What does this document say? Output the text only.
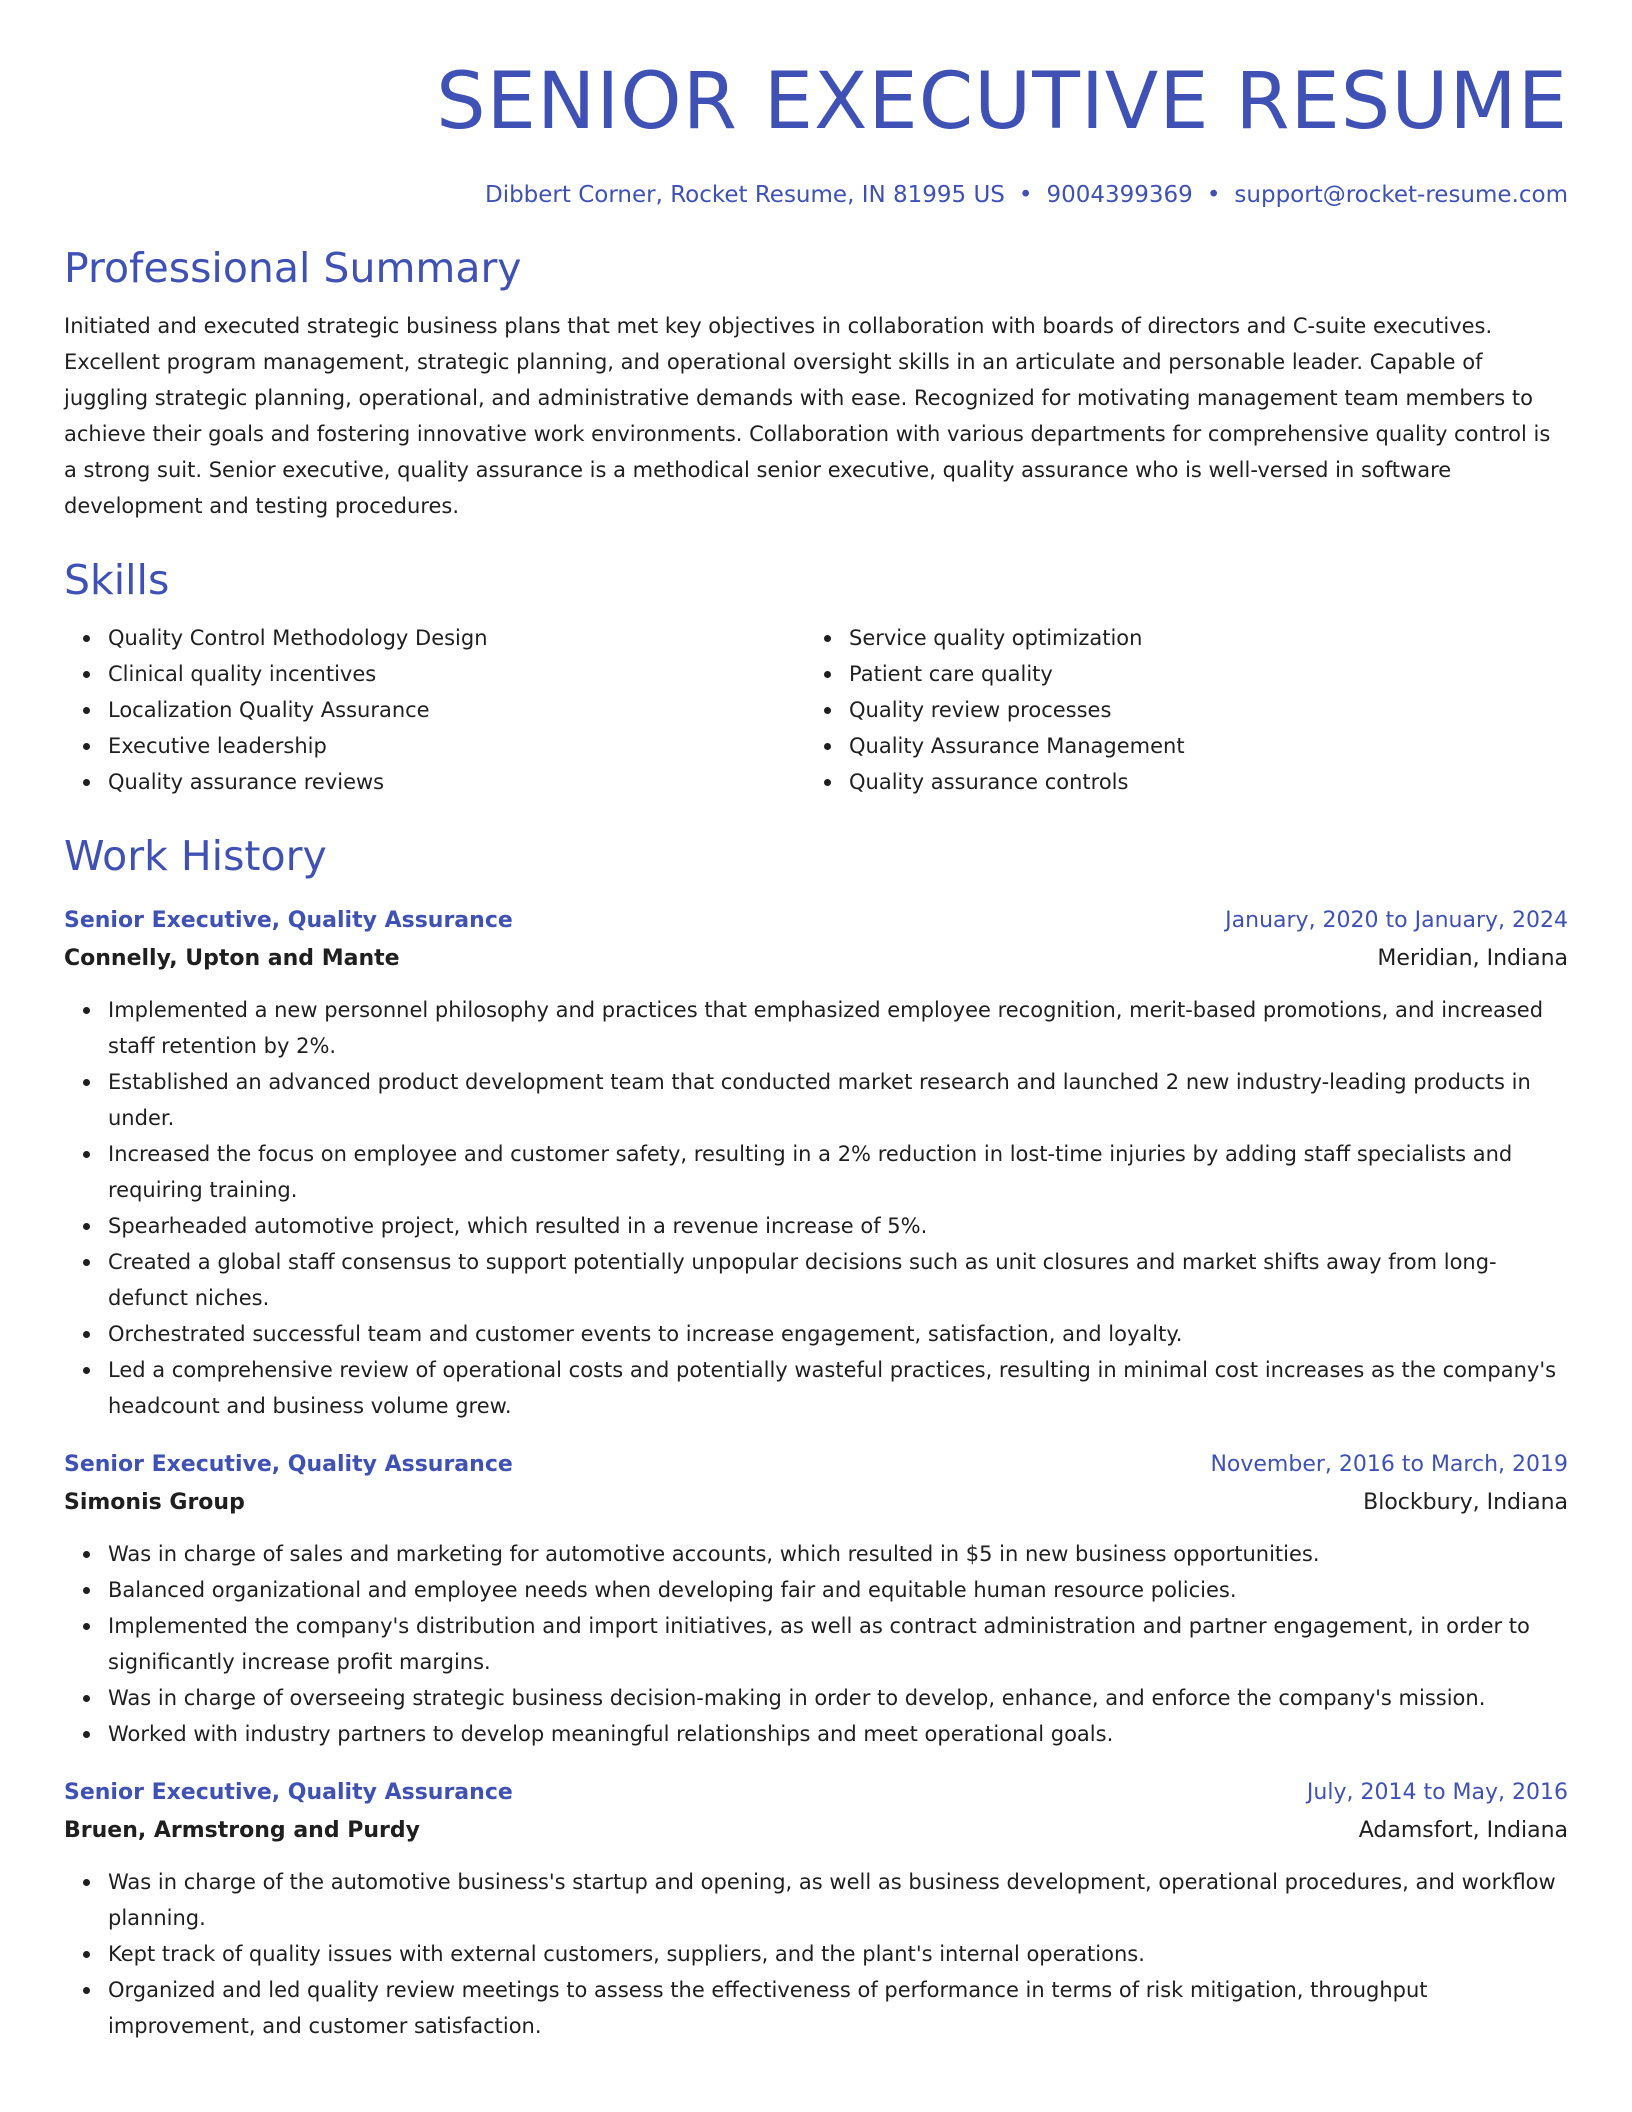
SENIOR EXECUTIVE RESUME
Dibbert Corner, Rocket Resume, IN 81995 US • 9004399369 • support@rocket-resume.com
Professional Summary
Initiated and executed strategic business plans that met key objectives in collaboration with boards of directors and C-suite executives. Excellent program management, strategic planning, and operational oversight skills in an articulate and personable leader. Capable of juggling strategic planning, operational, and administrative demands with ease. Recognized for motivating management team members to achieve their goals and fostering innovative work environments. Collaboration with various departments for comprehensive quality control is a strong suit. Senior executive, quality assurance is a methodical senior executive, quality assurance who is well-versed in software development and testing procedures.
Skills
Quality Control Methodology Design
Clinical quality incentives
Localization Quality Assurance
Executive leadership
Quality assurance reviews
Service quality optimization
Patient care quality
Quality review processes
Quality Assurance Management
Quality assurance controls
Work History
Senior Executive, Quality Assurance	January, 2020 to January, 2024
Connelly, Upton and Mante	Meridian, Indiana
Implemented a new personnel philosophy and practices that emphasized employee recognition, merit-based promotions, and increased staff retention by 2%.
Established an advanced product development team that conducted market research and launched 2 new industry-leading products in under.
Increased the focus on employee and customer safety, resulting in a 2% reduction in lost-time injuries by adding staff specialists and requiring training.
Spearheaded automotive project, which resulted in a revenue increase of 5%.
Created a global staff consensus to support potentially unpopular decisions such as unit closures and market shifts away from long-defunct niches.
Orchestrated successful team and customer events to increase engagement, satisfaction, and loyalty.
Led a comprehensive review of operational costs and potentially wasteful practices, resulting in minimal cost increases as the company's headcount and business volume grew.
Senior Executive, Quality Assurance	November, 2016 to March, 2019
Simonis Group	Blockbury, Indiana
Was in charge of sales and marketing for automotive accounts, which resulted in $5 in new business opportunities.
Balanced organizational and employee needs when developing fair and equitable human resource policies.
Implemented the company's distribution and import initiatives, as well as contract administration and partner engagement, in order to significantly increase profit margins.
Was in charge of overseeing strategic business decision-making in order to develop, enhance, and enforce the company's mission.
Worked with industry partners to develop meaningful relationships and meet operational goals.
Senior Executive, Quality Assurance	July, 2014 to May, 2016
Bruen, Armstrong and Purdy	Adamsfort, Indiana
Was in charge of the automotive business's startup and opening, as well as business development, operational procedures, and workflow planning.
Kept track of quality issues with external customers, suppliers, and the plant's internal operations.
Organized and led quality review meetings to assess the effectiveness of performance in terms of risk mitigation, throughput improvement, and customer satisfaction.
